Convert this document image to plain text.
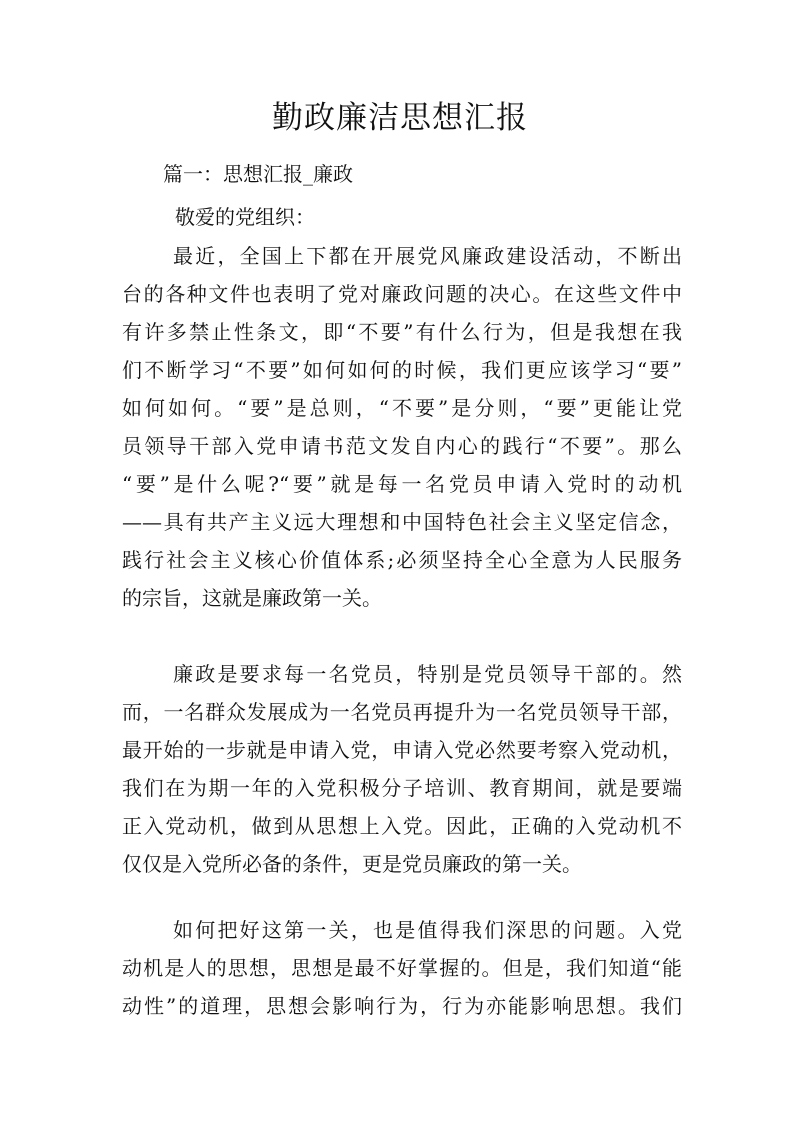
勤政廉洁思想汇报

篇一：思想汇报_廉政

敬爱的党组织：

最近，全国上下都在开展党风廉政建设活动，不断出
台的各种文件也表明了党对廉政问题的决心。在这些文件中
有许多禁止性条文，即“不要”有什么行为，但是我想在我
们不断学习“不要”如何如何的时候，我们更应该学习“要”
如何如何。“要”是总则，“不要”是分则，“要”更能让党
员领导干部入党申请书范文发自内心的践行“不要”。那么
“要”是什么呢?“要”就是每一名党员申请入党时的动机
——具有共产主义远大理想和中国特色社会主义坚定信念，
践行社会主义核心价值体系;必须坚持全心全意为人民服务
的宗旨，这就是廉政第一关。
廉政是要求每一名党员，特别是党员领导干部的。然
而，一名群众发展成为一名党员再提升为一名党员领导干部，
最开始的一步就是申请入党，申请入党必然要考察入党动机，
我们在为期一年的入党积极分子培训、教育期间，就是要端
正入党动机，做到从思想上入党。因此，正确的入党动机不
仅仅是入党所必备的条件，更是党员廉政的第一关。
如何把好这第一关，也是值得我们深思的问题。入党
动机是人的思想，思想是最不好掌握的。但是，我们知道“能
动性”的道理，思想会影响行为，行为亦能影响思想。我们
